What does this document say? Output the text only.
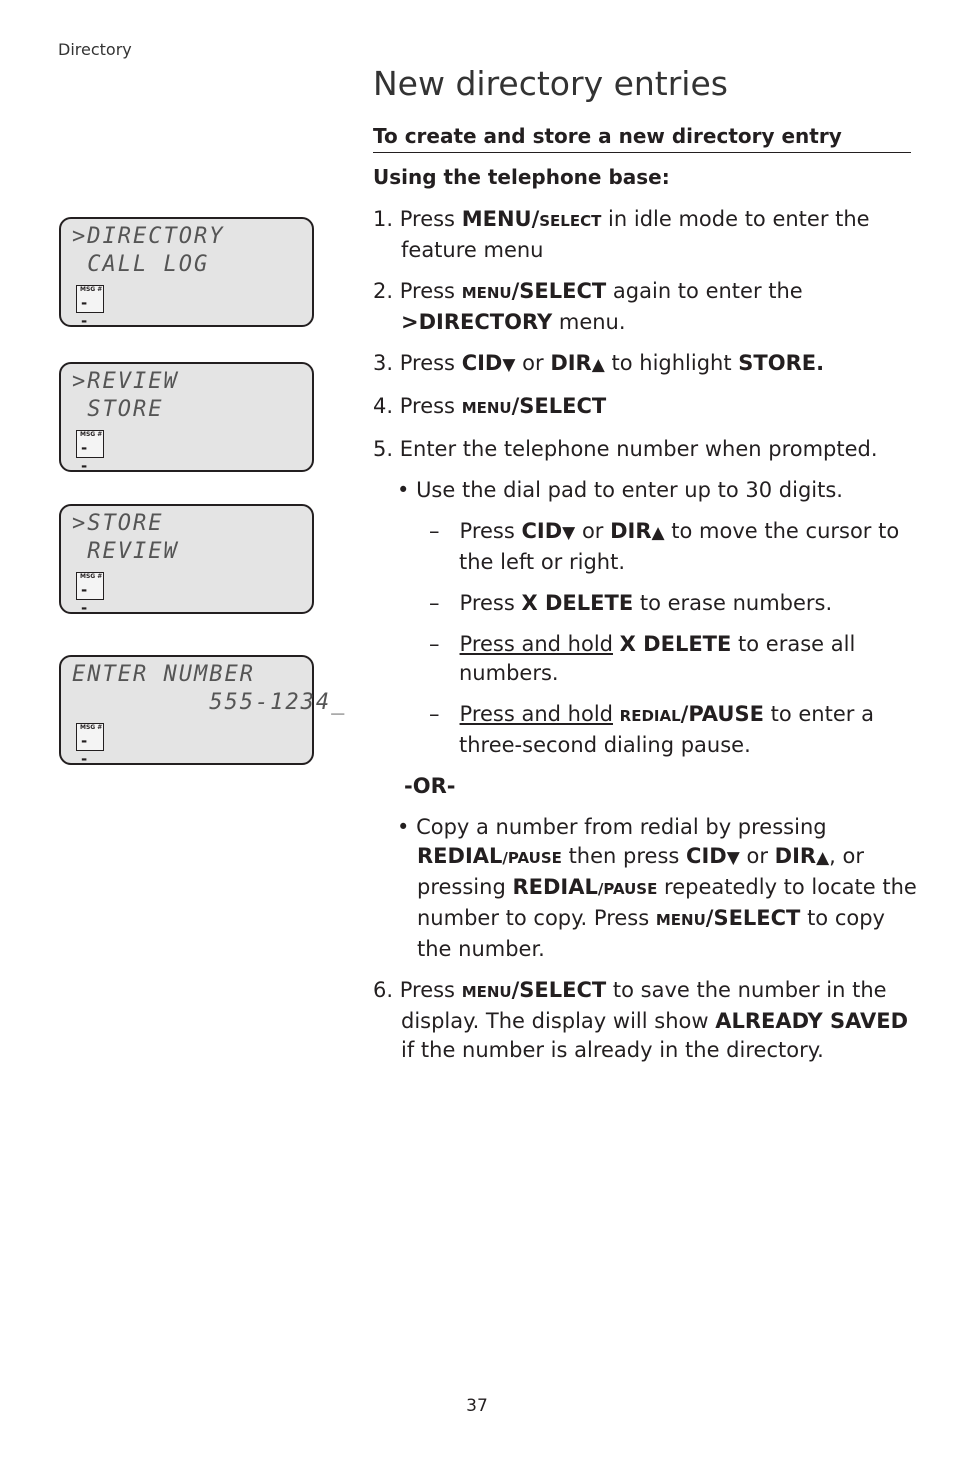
Directory
New directory entries
To create and store a new directory entry
Using the telephone base:
>DIRECTORY
CALL LOG
MSG #
- -
>REVIEW
STORE
MSG #
- -
>STORE
REVIEW
MSG #
- -
ENTER NUMBER
555-1234_
MSG #
- -

1. Press MENU/SELECT in idle mode to enter the feature menu

2. Press MENU/SELECT again to enter the >DIRECTORY menu.

3. Press CID▼ or DIR▲ to highlight STORE.

4. Press MENU/SELECT

5. Enter the telephone number when prompted.

• Use the dial pad to enter up to 30 digits.

–   Press CID▼ or DIR▲ to move the cursor to the left or right.

–   Press X DELETE to erase numbers.

–   Press and hold X DELETE to erase all numbers.

–   Press and hold REDIAL/PAUSE to enter a three-second dialing pause.

-OR-

• Copy a number from redial by pressing REDIAL/PAUSE then press CID▼ or DIR▲, or pressing REDIAL/PAUSE repeatedly to locate the number to copy. Press MENU/SELECT to copy the number.

6. Press MENU/SELECT to save the number in the display. The display will show ALREADY SAVED if the number is already in the directory.

37
